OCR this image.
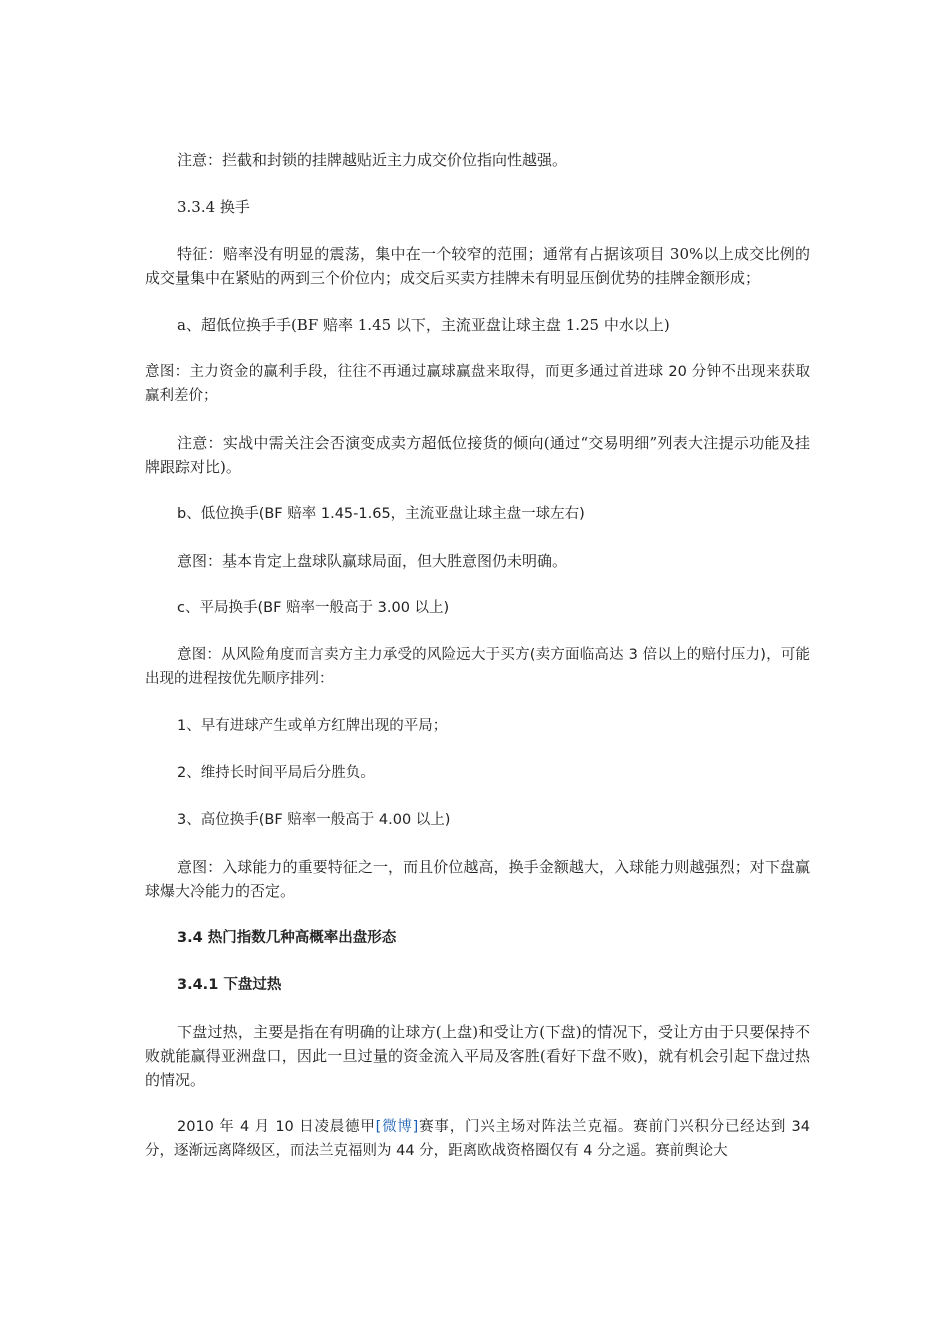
注意：拦截和封锁的挂牌越贴近主力成交价位指向性越强。

3.3.4 换手

特征：赔率没有明显的震荡，集中在一个较窄的范围；通常有占据该项目 30%以上成交比例的成交量集中在紧贴的两到三个价位内；成交后买卖方挂牌未有明显压倒优势的挂牌金额形成；

a、超低位换手手(BF 赔率 1.45 以下，主流亚盘让球主盘 1.25 中水以上)

意图：主力资金的赢利手段，往往不再通过赢球赢盘来取得，而更多通过首进球 20 分钟不出现来获取赢利差价；

注意：实战中需关注会否演变成卖方超低位接货的倾向(通过“交易明细”列表大注提示功能及挂牌跟踪对比)。

b、低位换手(BF 赔率 1.45-1.65，主流亚盘让球主盘一球左右)

意图：基本肯定上盘球队赢球局面，但大胜意图仍未明确。

c、平局换手(BF 赔率一般高于 3.00 以上)

意图：从风险角度而言卖方主力承受的风险远大于买方(卖方面临高达 3 倍以上的赔付压力)，可能出现的进程按优先顺序排列：

1、早有进球产生或单方红牌出现的平局；

2、维持长时间平局后分胜负。

3、高位换手(BF 赔率一般高于 4.00 以上)

意图：入球能力的重要特征之一，而且价位越高，换手金额越大，入球能力则越强烈；对下盘赢球爆大冷能力的否定。

3.4 热门指数几种高概率出盘形态

3.4.1 下盘过热

下盘过热，主要是指在有明确的让球方(上盘)和受让方(下盘)的情况下，受让方由于只要保持不败就能赢得亚洲盘口，因此一旦过量的资金流入平局及客胜(看好下盘不败)，就有机会引起下盘过热的情况。

2010 年 4 月 10 日凌晨德甲[微博]赛事，门兴主场对阵法兰克福。赛前门兴积分已经达到 34 分，逐渐远离降级区，而法兰克福则为 44 分，距离欧战资格圈仅有 4 分之遥。赛前舆论大
